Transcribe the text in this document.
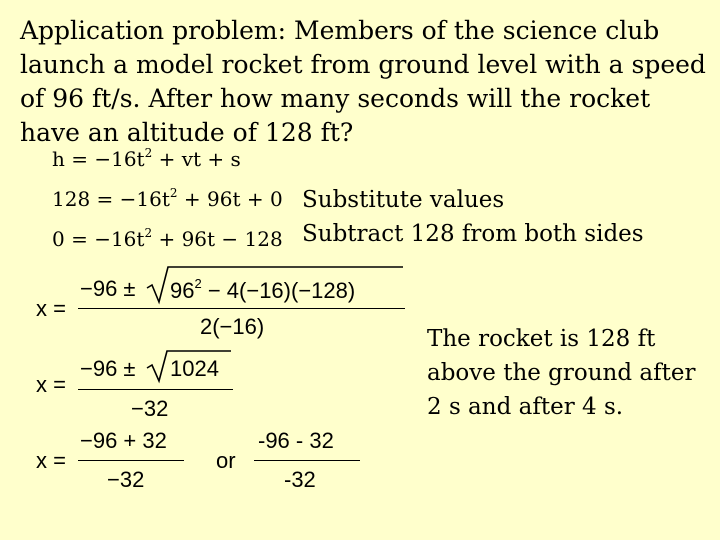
Application problem: Members of the science club launch a model rocket from ground level with a speed of 96 ft/s. After how many seconds will the rocket have an altitude of 128 ft?

$h = -16t^2$ + vt + s
$128 = -16t^2 + 96t + 0$
$0 = -16t^2 + 96t - 128$
Substitute values
Subtract 128 from both sides
x =
$-96 \pm 96^2 - 4(-16)(-128)$
2(−16)
x =
−96 ± 1024
−32
x =
−96 + 32
−32
or
-96 - 32
-32
The rocket is 128 ft above the ground after 2 s and after 4 s.
